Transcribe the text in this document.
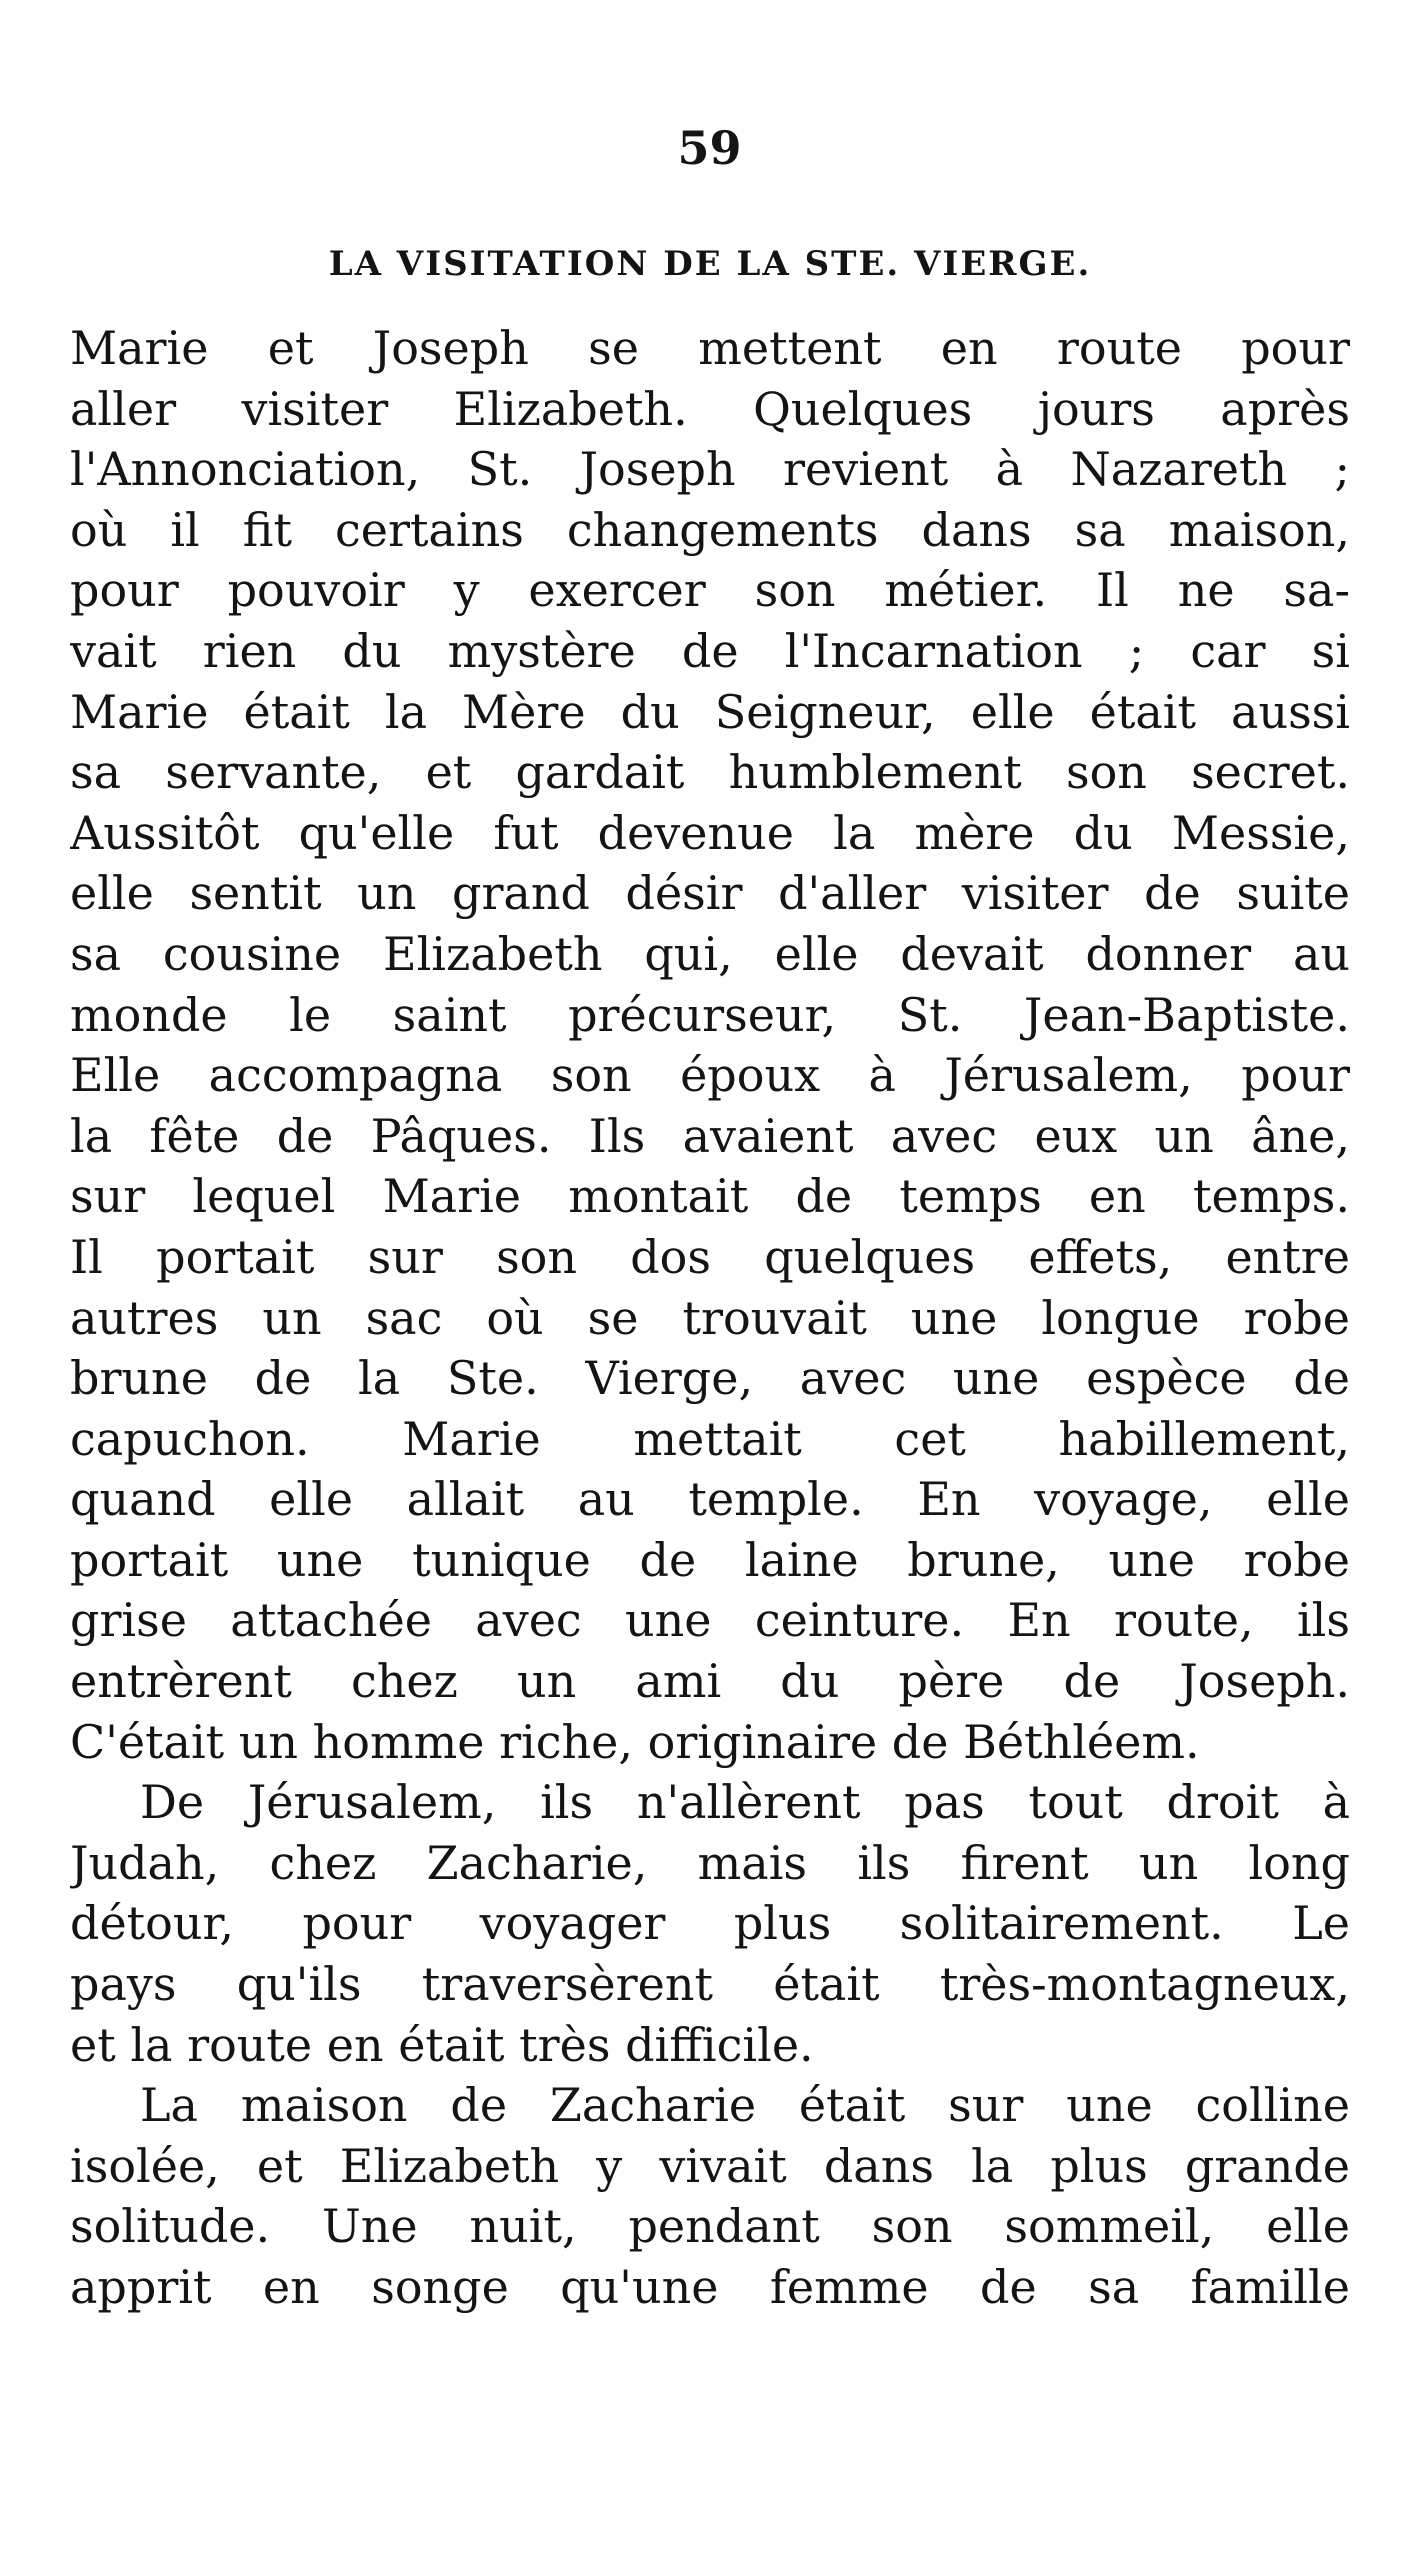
59
LA VISITATION DE LA STE. VIERGE.
Marie et Joseph se mettent en route pour
aller visiter Elizabeth. Quelques jours après
l'Annonciation, St. Joseph revient à Nazareth ;
où il fit certains changements dans sa maison,
pour pouvoir y exercer son métier. Il ne sa-
vait rien du mystère de l'Incarnation ; car si
Marie était la Mère du Seigneur, elle était aussi
sa servante, et gardait humblement son secret.
Aussitôt qu'elle fut devenue la mère du Messie,
elle sentit un grand désir d'aller visiter de suite
sa cousine Elizabeth qui, elle devait donner au
monde le saint précurseur, St. Jean-Baptiste.
Elle accompagna son époux à Jérusalem, pour
la fête de Pâques. Ils avaient avec eux un âne,
sur lequel Marie montait de temps en temps.
Il portait sur son dos quelques effets, entre
autres un sac où se trouvait une longue robe
brune de la Ste. Vierge, avec une espèce de
capuchon. Marie mettait cet habillement,
quand elle allait au temple. En voyage, elle
portait une tunique de laine brune, une robe
grise attachée avec une ceinture. En route, ils
entrèrent chez un ami du père de Joseph.
C'était un homme riche, originaire de Béthléem.
De Jérusalem, ils n'allèrent pas tout droit à
Judah, chez Zacharie, mais ils firent un long
détour, pour voyager plus solitairement. Le
pays qu'ils traversèrent était très-montagneux,
et la route en était très difficile.
La maison de Zacharie était sur une colline
isolée, et Elizabeth y vivait dans la plus grande
solitude. Une nuit, pendant son sommeil, elle
apprit en songe qu'une femme de sa famille
